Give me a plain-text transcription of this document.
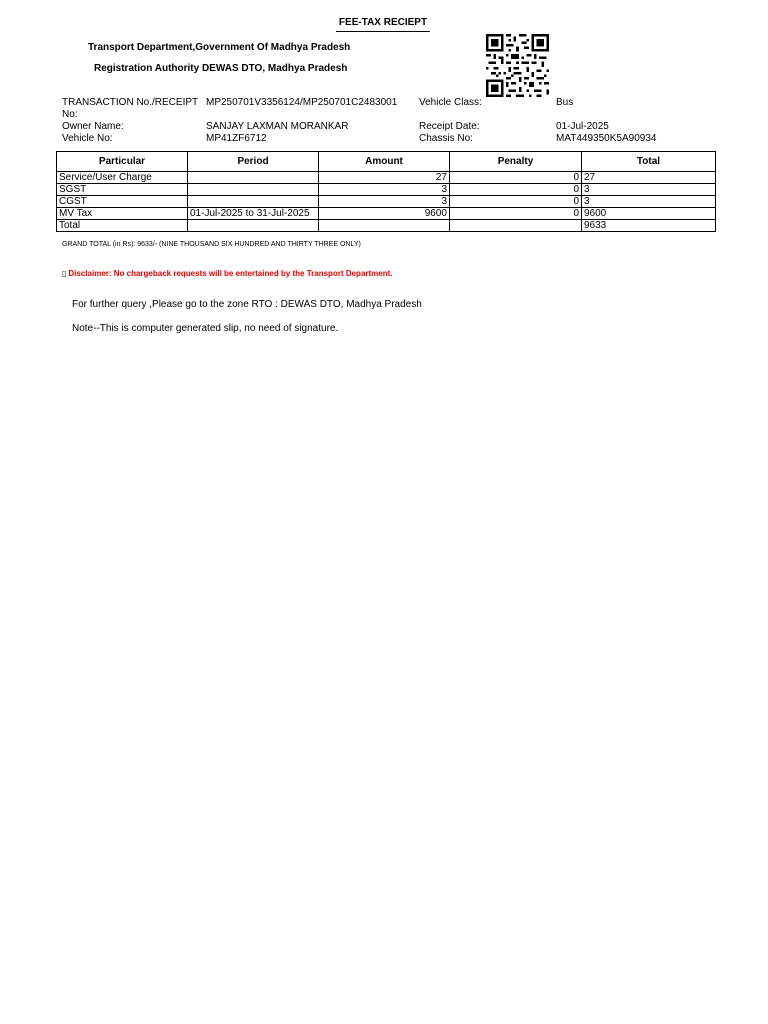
FEE-TAX RECIEPT
Transport Department,Government Of Madhya Pradesh
Registration Authority DEWAS DTO, Madhya Pradesh
TRANSACTION No./RECEIPT
No:
MP250701V3356124/MP250701C2483001 Vehicle Class:	Bus
Owner Name:	SANJAY LAXMAN MORANKAR	Receipt Date:	01-Jul-2025
Vehicle No:	MP41ZF6712	Chassis No:	MAT449350K5A90934
Particular	Period	Amount	Penalty	Total
Service/User Charge		27	0	27
SGST		3	0	3
CGST		3	0	3
MV Tax	01-Jul-2025 to 31-Jul-2025	9600	0	9600
Total				9633
GRAND TOTAL (in Rs): 9633/- (NINE THOUSAND SIX HUNDRED AND THIRTY THREE ONLY)
▯ Disclaimer: No chargeback requests will be entertained by the Transport Department.
For further query ,Please go to the zone RTO : DEWAS DTO, Madhya Pradesh
Note--This is computer generated slip, no need of signature.
